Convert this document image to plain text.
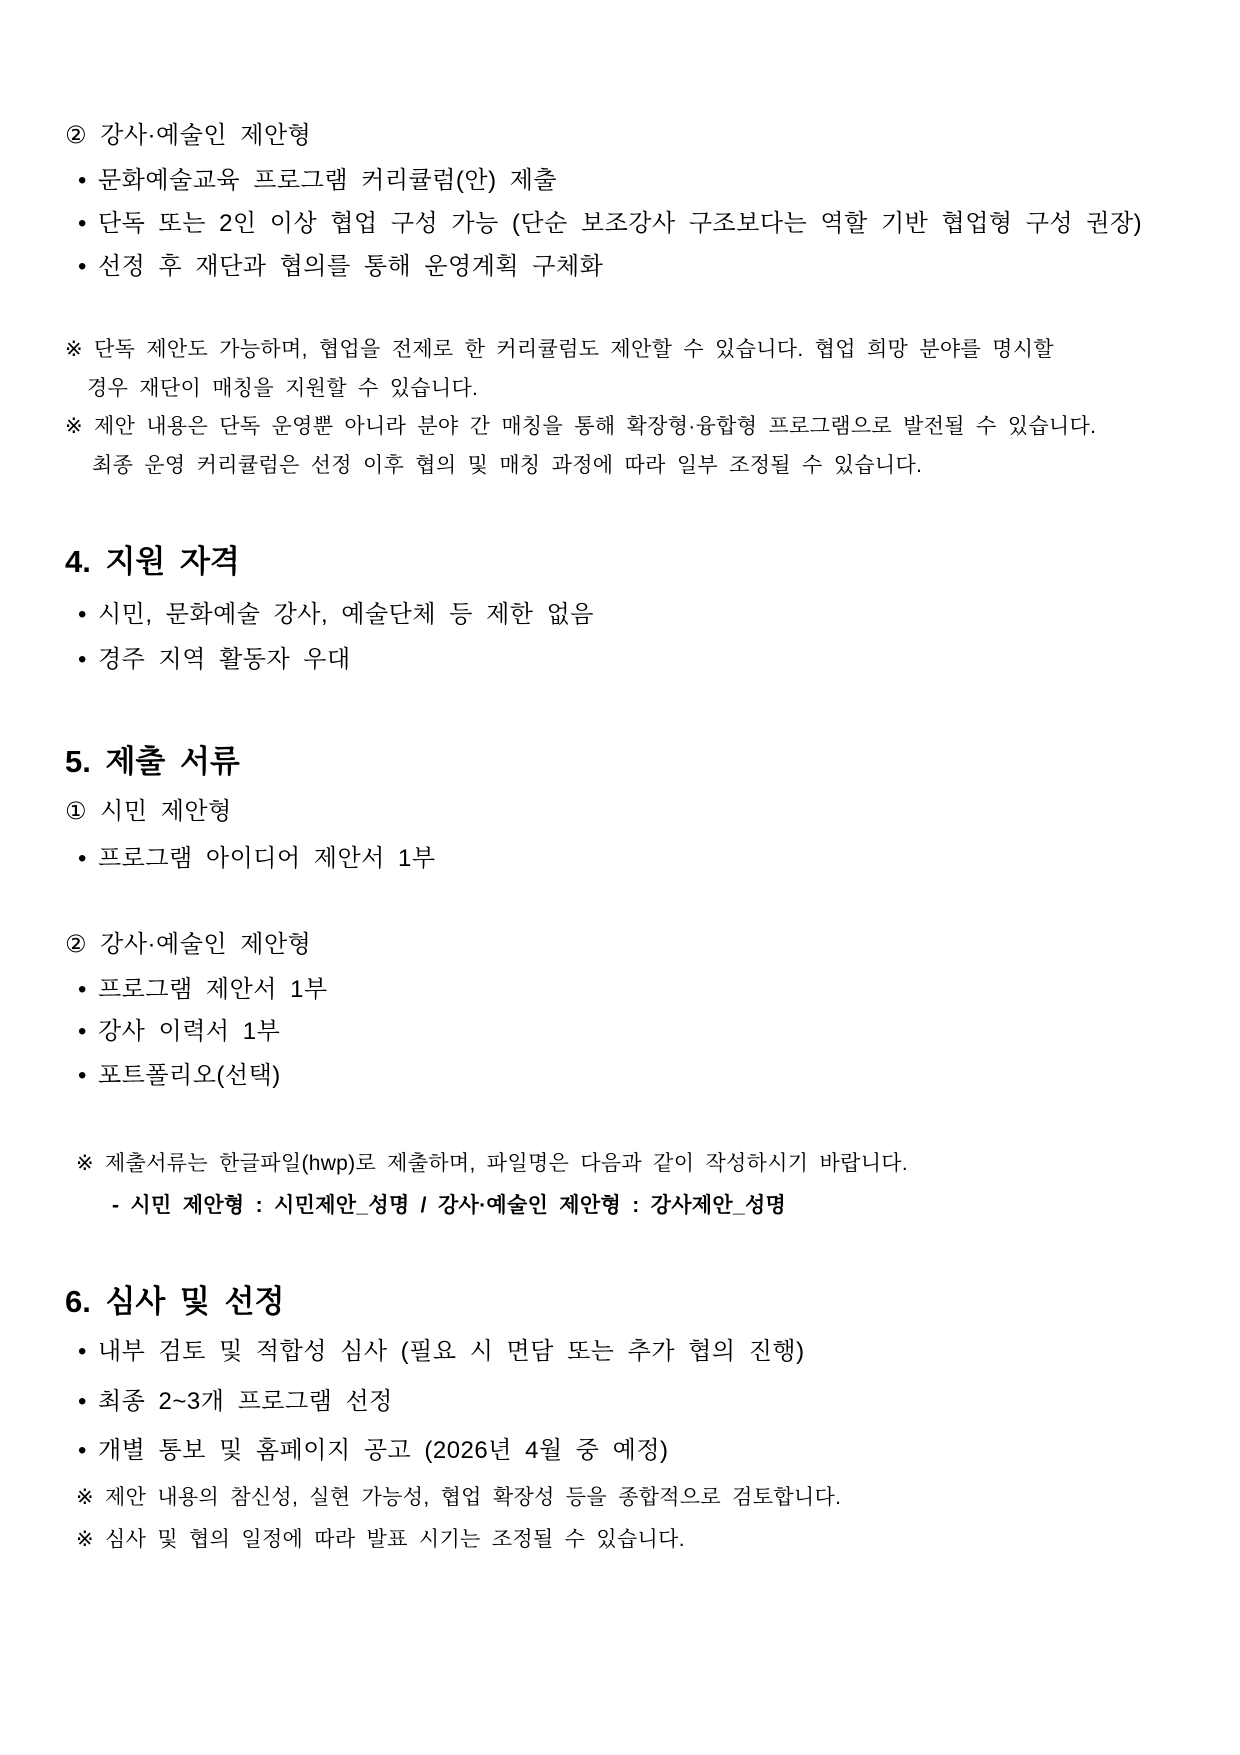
② 강사·예술인 제안형
• 문화예술교육 프로그램 커리큘럼(안) 제출
• 단독 또는 2인 이상 협업 구성 가능 (단순 보조강사 구조보다는 역할 기반 협업형 구성 권장)
• 선정 후 재단과 협의를 통해 운영계획 구체화
※ 단독 제안도 가능하며, 협업을 전제로 한 커리큘럼도 제안할 수 있습니다. 협업 희망 분야를 명시할
경우 재단이 매칭을 지원할 수 있습니다.
※ 제안 내용은 단독 운영뿐 아니라 분야 간 매칭을 통해 확장형·융합형 프로그램으로 발전될 수 있습니다.
최종 운영 커리큘럼은 선정 이후 협의 및 매칭 과정에 따라 일부 조정될 수 있습니다.
4. 지원 자격
• 시민, 문화예술 강사, 예술단체 등 제한 없음
• 경주 지역 활동자 우대
5. 제출 서류
① 시민 제안형
• 프로그램 아이디어 제안서 1부
② 강사·예술인 제안형
• 프로그램 제안서 1부
• 강사 이력서 1부
• 포트폴리오(선택)
※ 제출서류는 한글파일(hwp)로 제출하며, 파일명은 다음과 같이 작성하시기 바랍니다.
- 시민 제안형 : 시민제안_성명 / 강사·예술인 제안형 : 강사제안_성명
6. 심사 및 선정
• 내부 검토 및 적합성 심사 (필요 시 면담 또는 추가 협의 진행)
• 최종 2~3개 프로그램 선정
• 개별 통보 및 홈페이지 공고 (2026년 4월 중 예정)
※ 제안 내용의 참신성, 실현 가능성, 협업 확장성 등을 종합적으로 검토합니다.
※ 심사 및 협의 일정에 따라 발표 시기는 조정될 수 있습니다.
